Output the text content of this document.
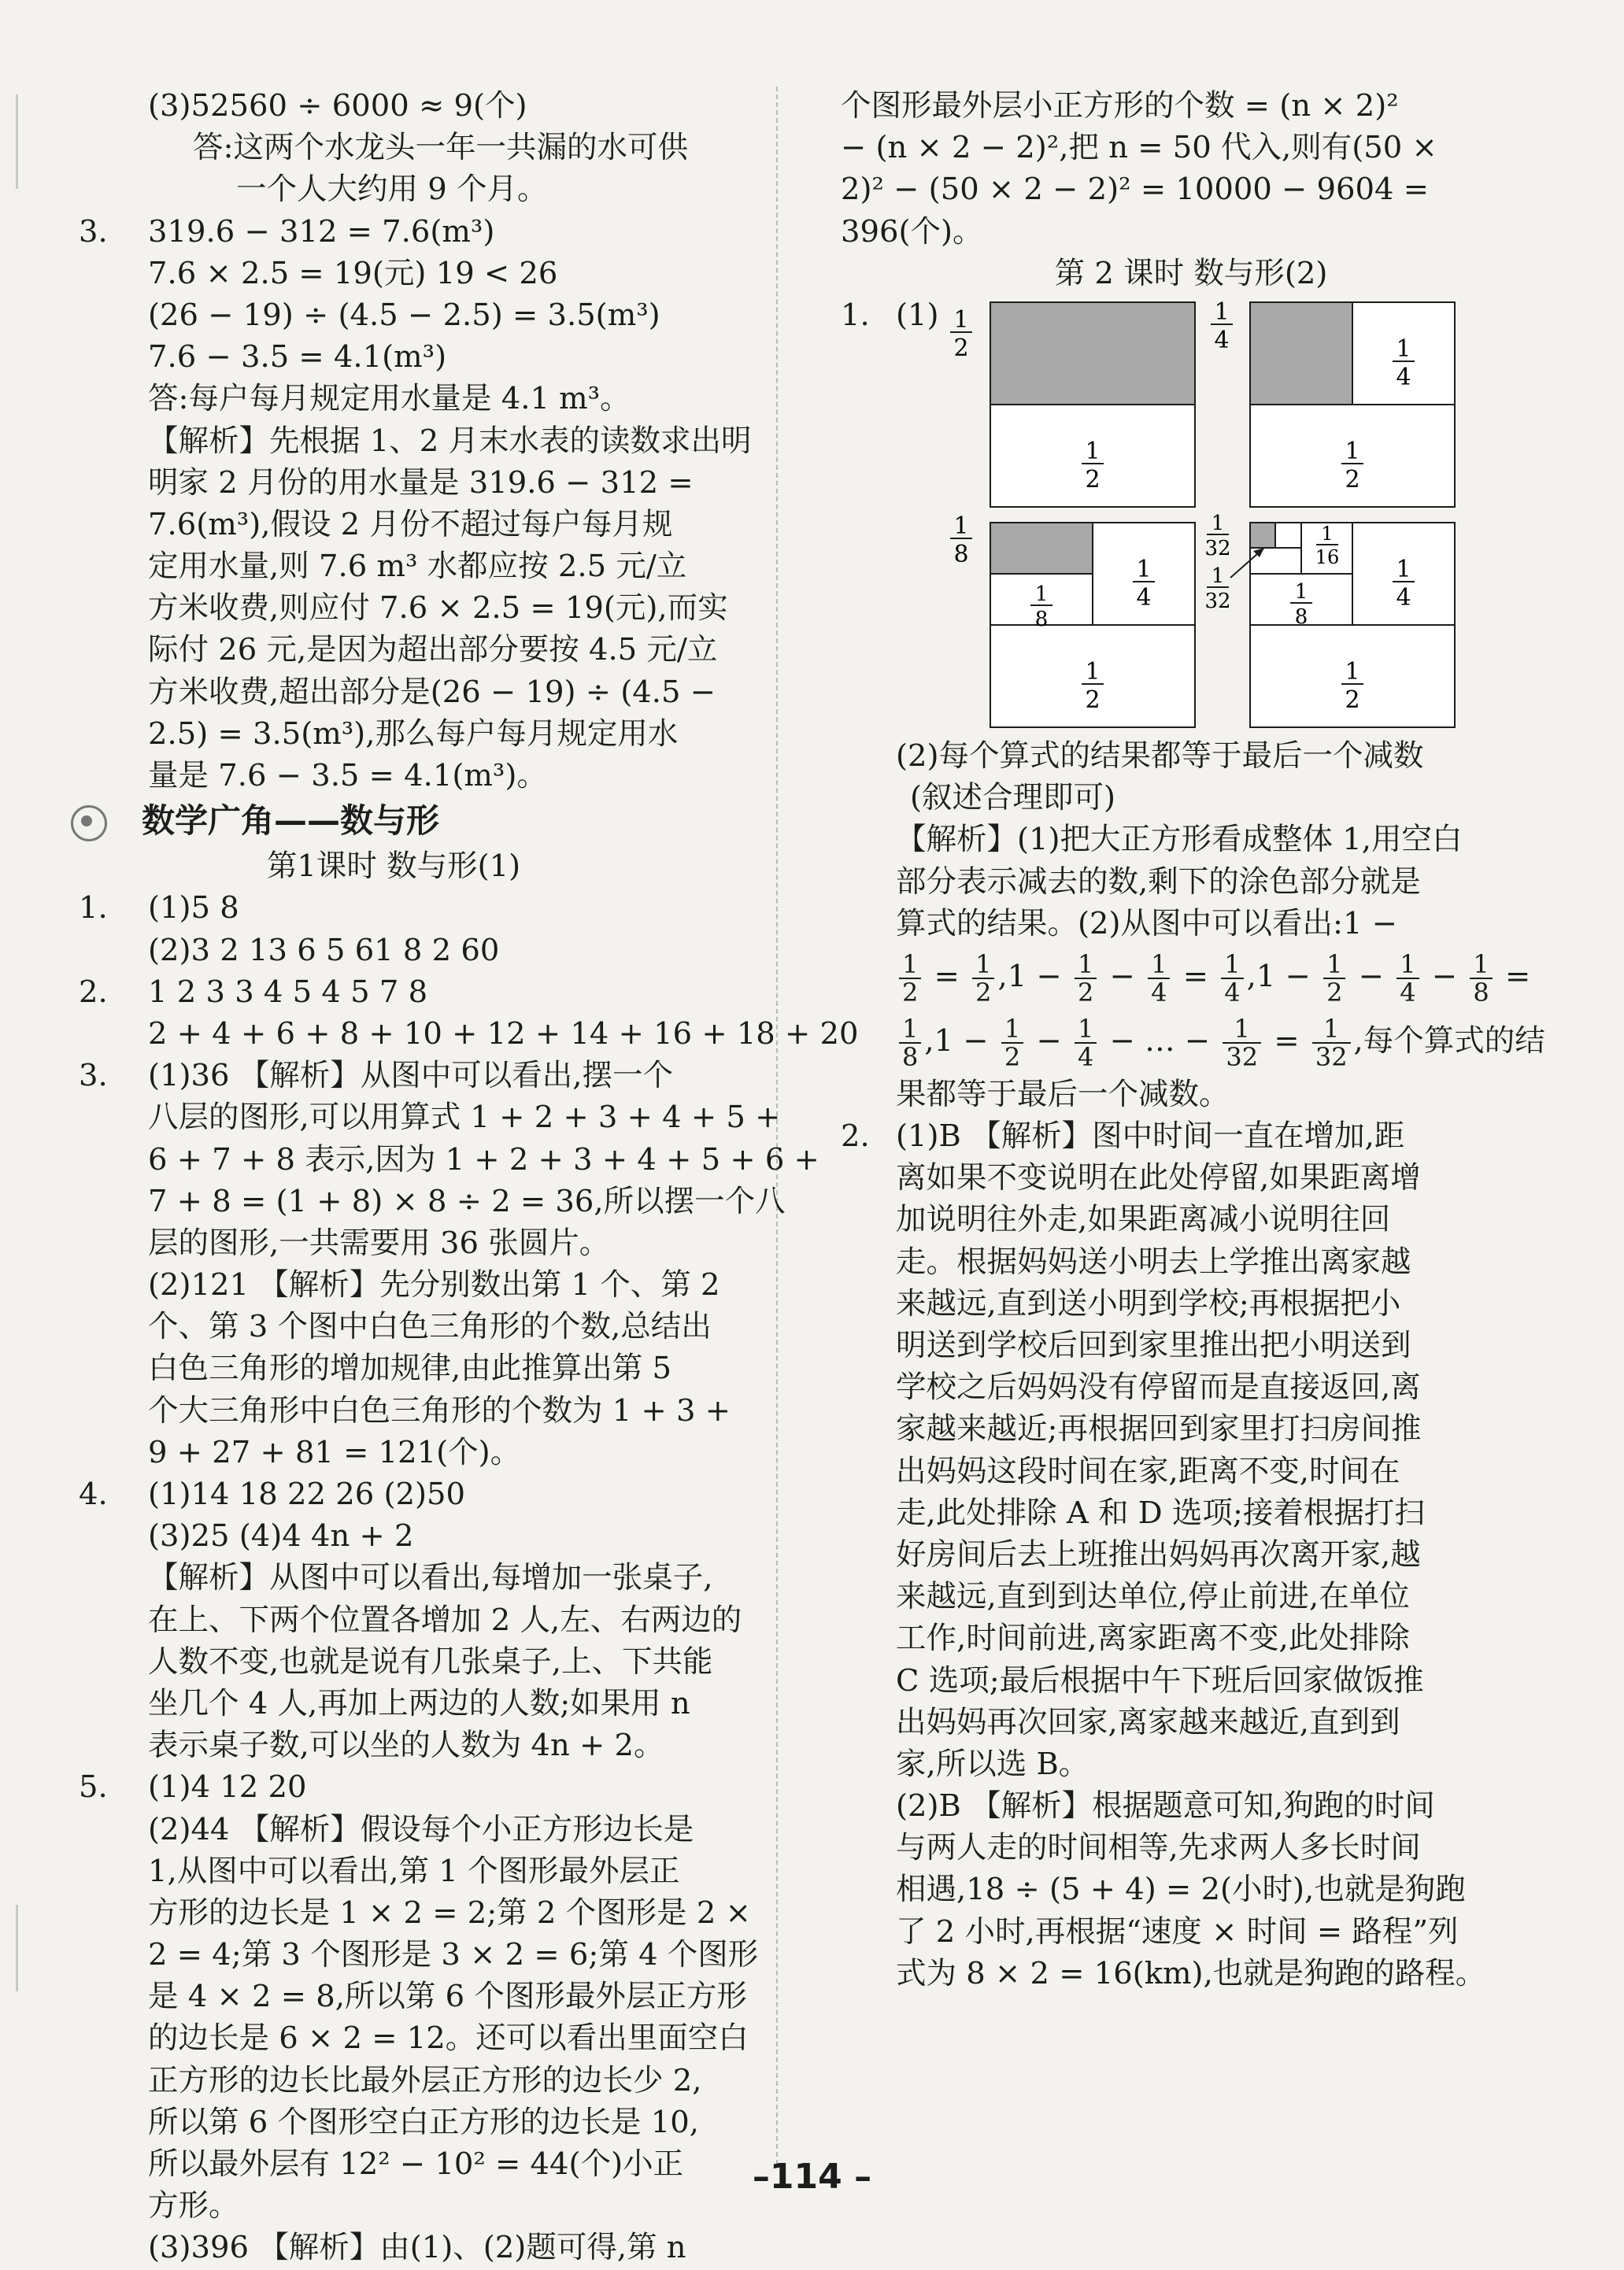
(3)52560 ÷ 6000 ≈ 9(个)
答:这两个水龙头一年一共漏的水可供
一个人大约用 9 个月。
3. 319.6 − 312 = 7.6(m³)
7.6 × 2.5 = 19(元) 19 < 26
(26 − 19) ÷ (4.5 − 2.5) = 3.5(m³)
7.6 − 3.5 = 4.1(m³)
答:每户每月规定用水量是 4.1 m³。
【解析】先根据 1、2 月末水表的读数求出明
明家 2 月份的用水量是 319.6 − 312 =
7.6(m³),假设 2 月份不超过每户每月规
定用水量,则 7.6 m³ 水都应按 2.5 元/立
方米收费,则应付 7.6 × 2.5 = 19(元),而实
际付 26 元,是因为超出部分要按 4.5 元/立
方米收费,超出部分是(26 − 19) ÷ (4.5 −
2.5) = 3.5(m³),那么每户每月规定用水
量是 7.6 − 3.5 = 4.1(m³)。
数学广角——数与形
第1课时 数与形(1)
1. (1)5 8
(2)3 2 13 6 5 61 8 2 60
2. 1 2 3 3 4 5 4 5 7 8
2 + 4 + 6 + 8 + 10 + 12 + 14 + 16 + 18 + 20
3. (1)36 【解析】从图中可以看出,摆一个
八层的图形,可以用算式 1 + 2 + 3 + 4 + 5 +
6 + 7 + 8 表示,因为 1 + 2 + 3 + 4 + 5 + 6 +
7 + 8 = (1 + 8) × 8 ÷ 2 = 36,所以摆一个八
层的图形,一共需要用 36 张圆片。
(2)121 【解析】先分别数出第 1 个、第 2
个、第 3 个图中白色三角形的个数,总结出
白色三角形的增加规律,由此推算出第 5
个大三角形中白色三角形的个数为 1 + 3 +
9 + 27 + 81 = 121(个)。
4. (1)14 18 22 26 (2)50
(3)25 (4)4 4n + 2
【解析】从图中可以看出,每增加一张桌子,
在上、下两个位置各增加 2 人,左、右两边的
人数不变,也就是说有几张桌子,上、下共能
坐几个 4 人,再加上两边的人数;如果用 n
表示桌子数,可以坐的人数为 4n + 2。
5. (1)4 12 20
(2)44 【解析】假设每个小正方形边长是
1,从图中可以看出,第 1 个图形最外层正
方形的边长是 1 × 2 = 2;第 2 个图形是 2 ×
2 = 4;第 3 个图形是 3 × 2 = 6;第 4 个图形
是 4 × 2 = 8,所以第 6 个图形最外层正方形
的边长是 6 × 2 = 12。还可以看出里面空白
正方形的边长比最外层正方形的边长少 2,
所以第 6 个图形空白正方形的边长是 10,
所以最外层有 12² − 10² = 44(个)小正
方形。
(3)396 【解析】由(1)、(2)题可得,第 n
个图形最外层小正方形的个数 = (n × 2)²
− (n × 2 − 2)²,把 n = 50 代入,则有(50 ×
2)² − (50 × 2 − 2)² = 10000 − 9604 =
396(个)。
第 2 课时 数与形(2)
1. (1) 1
2
1
2
1
4	1
4
1
2
1
8
1
8
1
4
1
2
1
32
1
32
1
16
1
8
1
4
1
2
(2)每个算式的结果都等于最后一个减数
(叙述合理即可)
【解析】(1)把大正方形看成整体 1,用空白
部分表示减去的数,剩下的涂色部分就是
算式的结果。(2)从图中可以看出:1 −
$\frac{1}{2} = \frac{1}{2} ,1 - \frac{1}{2} - \frac{1}{4} = \frac{1}{4} ,1 - \frac{1}{2} - \frac{1}{4} - \frac{1}{8}$ =
$\frac{1}{8} ,1 - \frac{1}{2} - \frac{1}{4}$ − … − $\frac{1}{32} = \frac{1}{32}$ ,每个算式的结
果都等于最后一个减数。
2. (1)B 【解析】图中时间一直在增加,距
离如果不变说明在此处停留,如果距离增
加说明往外走,如果距离减小说明往回
走。根据妈妈送小明去上学推出离家越
来越远,直到送小明到学校;再根据把小
明送到学校后回到家里推出把小明送到
学校之后妈妈没有停留而是直接返回,离
家越来越近;再根据回到家里打扫房间推
出妈妈这段时间在家,距离不变,时间在
走,此处排除 A 和 D 选项;接着根据打扫
好房间后去上班推出妈妈再次离开家,越
来越远,直到到达单位,停止前进,在单位
工作,时间前进,离家距离不变,此处排除
C 选项;最后根据中午下班后回家做饭推
出妈妈再次回家,离家越来越近,直到到
家,所以选 B。
(2)B 【解析】根据题意可知,狗跑的时间
与两人走的时间相等,先求两人多长时间
相遇,18 ÷ (5 + 4) = 2(小时),也就是狗跑
了 2 小时,再根据“速度 × 时间 = 路程”列
式为 8 × 2 = 16(km),也就是狗跑的路程。
–114 –
